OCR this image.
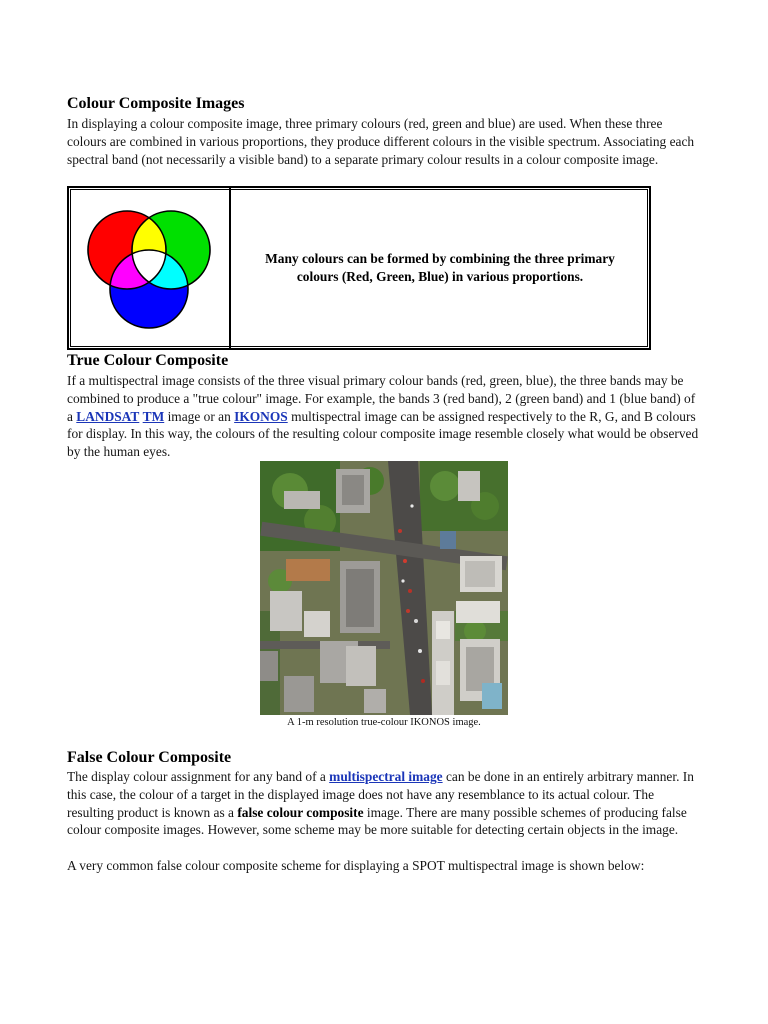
Colour Composite Images

In displaying a colour composite image, three primary colours (red, green and blue) are used. When these three colours are combined in various proportions, they produce different colours in the visible spectrum. Associating each spectral band (not necessarily a visible band) to a separate primary colour results in a colour composite image.

Many colours can be formed by combining the three primary colours (Red, Green, Blue) in various proportions.
True Colour Composite

If a multispectral image consists of the three visual primary colour bands (red, green, blue), the three bands may be combined to produce a "true colour" image. For example, the bands 3 (red band), 2 (green band) and 1 (blue band) of a LANDSAT TM image or an IKONOS multispectral image can be assigned respectively to the R, G, and B colours for display. In this way, the colours of the resulting colour composite image resemble closely what would be observed by the human eyes.

A 1-m resolution true-colour IKONOS image.
False Colour Composite

The display colour assignment for any band of a multispectral image can be done in an entirely arbitrary manner. In this case, the colour of a target in the displayed image does not have any resemblance to its actual colour. The resulting product is known as a false colour composite image. There are many possible schemes of producing false colour composite images. However, some scheme may be more suitable for detecting certain objects in the image.

A very common false colour composite scheme for displaying a SPOT multispectral image is shown below:
